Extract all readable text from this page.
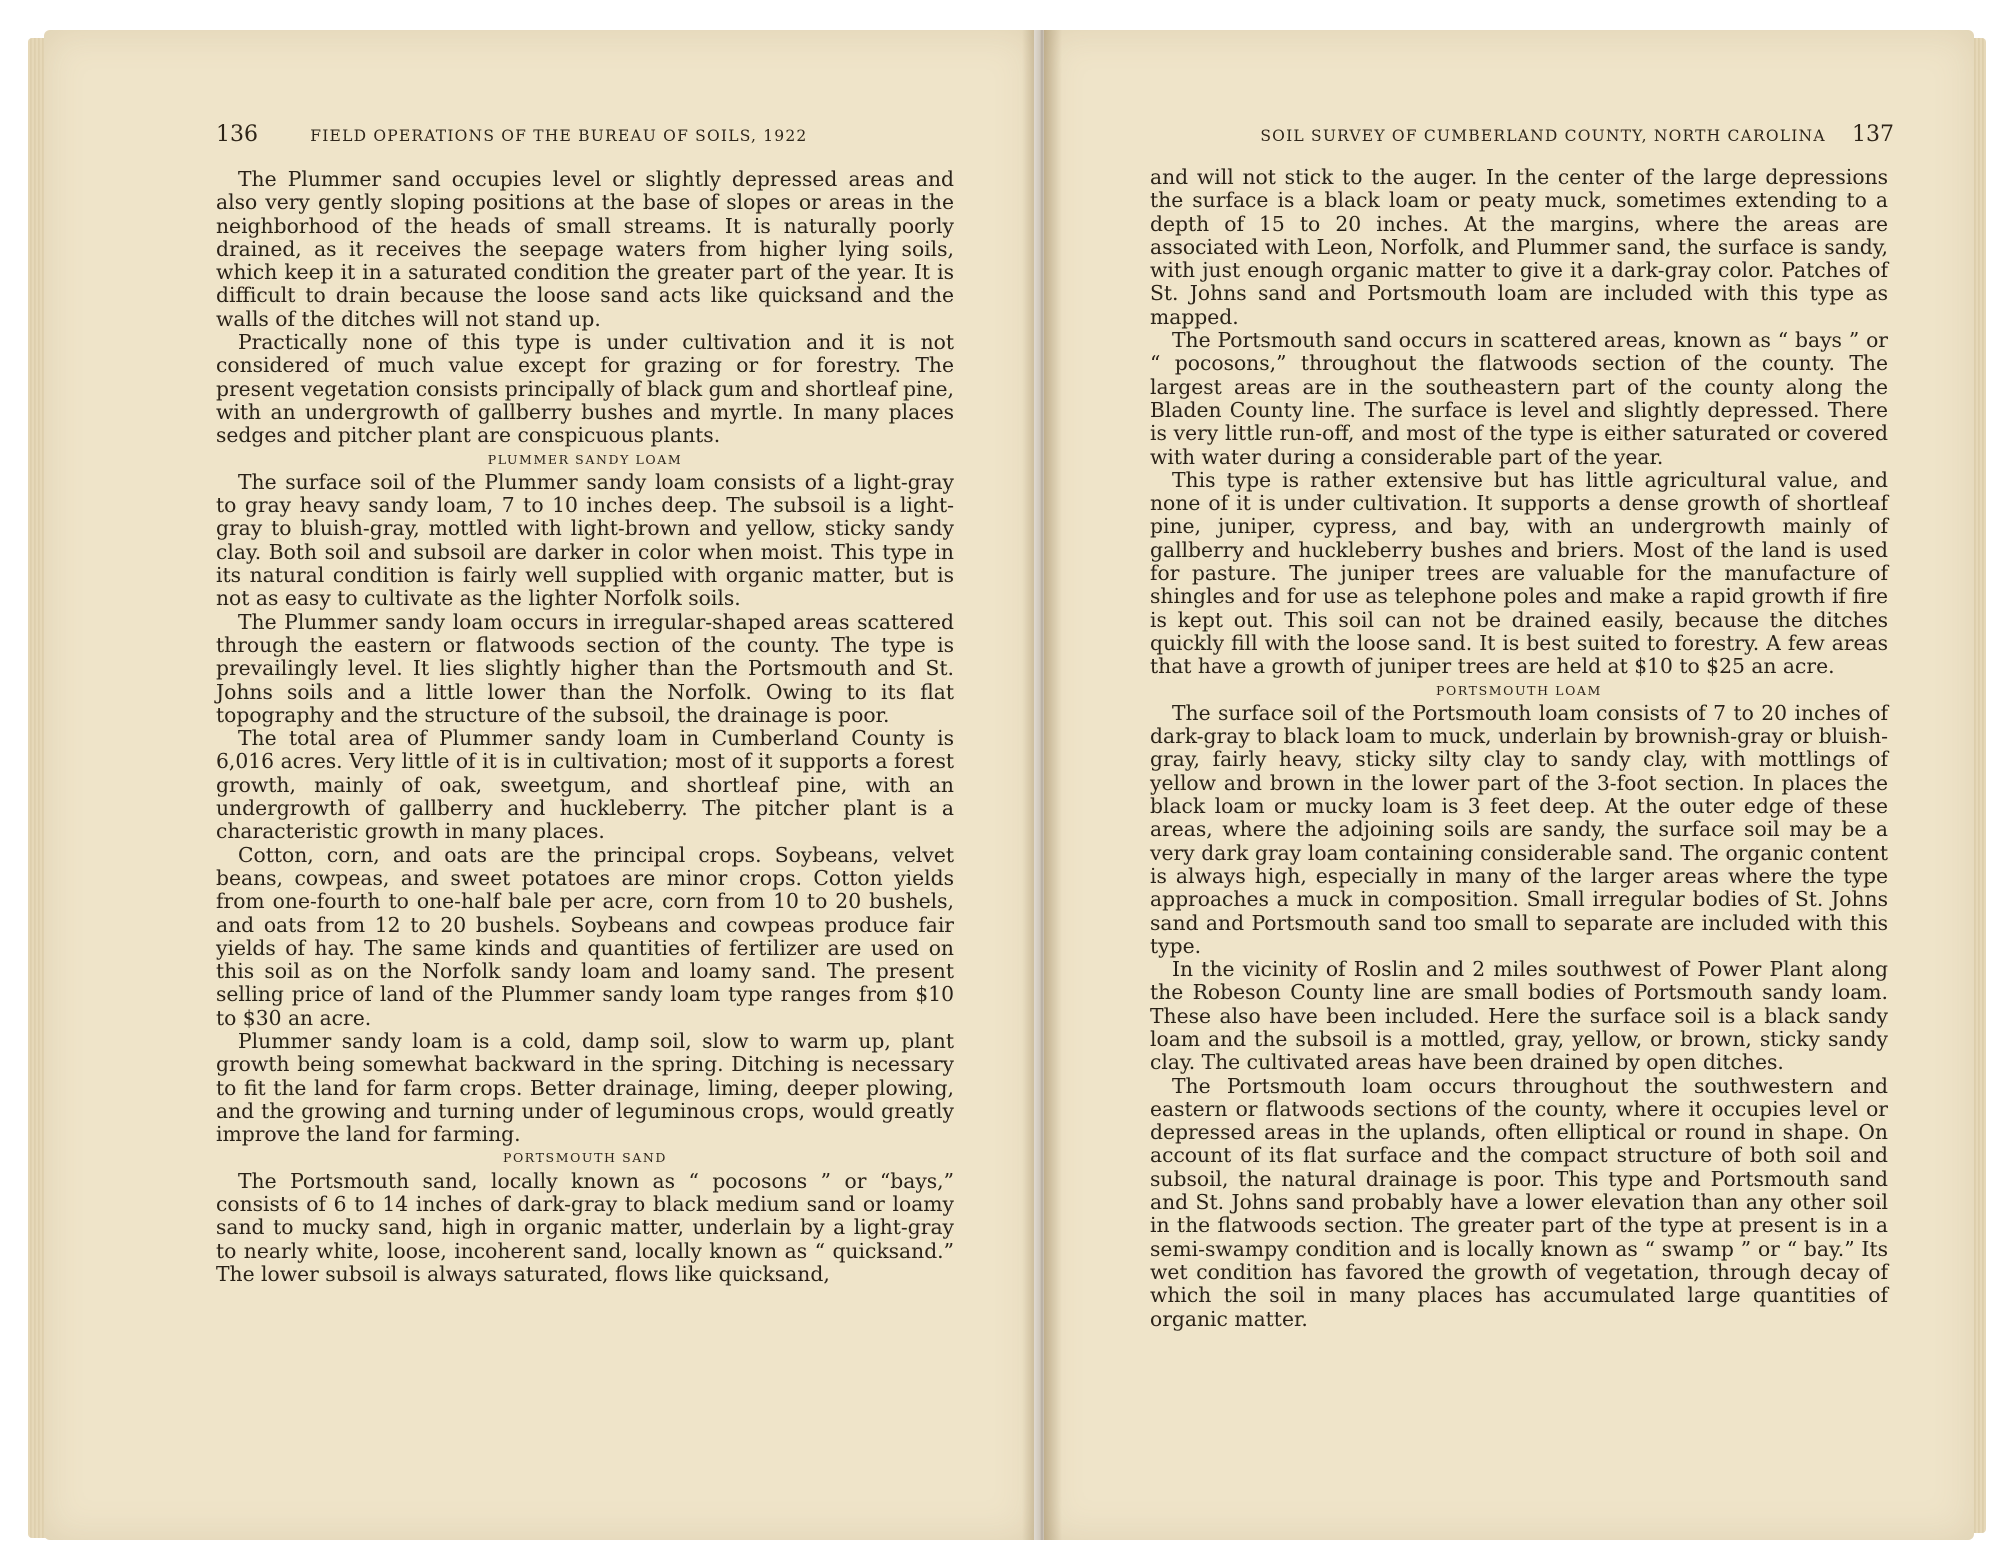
136	FIELD OPERATIONS OF THE BUREAU OF SOILS, 1922

The Plummer sand occupies level or slightly depressed areas and also very gently sloping positions at the base of slopes or areas in the neighborhood of the heads of small streams. It is naturally poorly drained, as it receives the seepage waters from higher lying soils, which keep it in a saturated condition the greater part of the year. It is difficult to drain because the loose sand acts like quicksand and the walls of the ditches will not stand up.

Practically none of this type is under cultivation and it is not considered of much value except for grazing or for forestry. The present vegetation consists principally of black gum and shortleaf pine, with an undergrowth of gallberry bushes and myrtle. In many places sedges and pitcher plant are conspicuous plants.

PLUMMER SANDY LOAM

The surface soil of the Plummer sandy loam consists of a light-gray to gray heavy sandy loam, 7 to 10 inches deep. The subsoil is a light-gray to bluish-gray, mottled with light-brown and yellow, sticky sandy clay. Both soil and subsoil are darker in color when moist. This type in its natural condition is fairly well supplied with organic matter, but is not as easy to cultivate as the lighter Norfolk soils.

The Plummer sandy loam occurs in irregular-shaped areas scattered through the eastern or flatwoods section of the county. The type is prevailingly level. It lies slightly higher than the Portsmouth and St. Johns soils and a little lower than the Norfolk. Owing to its flat topography and the structure of the subsoil, the drainage is poor.

The total area of Plummer sandy loam in Cumberland County is 6,016 acres. Very little of it is in cultivation; most of it supports a forest growth, mainly of oak, sweetgum, and shortleaf pine, with an undergrowth of gallberry and huckleberry. The pitcher plant is a characteristic growth in many places.

Cotton, corn, and oats are the principal crops. Soybeans, velvet beans, cowpeas, and sweet potatoes are minor crops. Cotton yields from one-fourth to one-half bale per acre, corn from 10 to 20 bushels, and oats from 12 to 20 bushels. Soybeans and cowpeas produce fair yields of hay. The same kinds and quantities of fertilizer are used on this soil as on the Norfolk sandy loam and loamy sand. The present selling price of land of the Plummer sandy loam type ranges from $10 to $30 an acre.

Plummer sandy loam is a cold, damp soil, slow to warm up, plant growth being somewhat backward in the spring. Ditching is necessary to fit the land for farm crops. Better drainage, liming, deeper plowing, and the growing and turning under of leguminous crops, would greatly improve the land for farming.

PORTSMOUTH SAND

The Portsmouth sand, locally known as “ pocosons ” or “bays,” consists of 6 to 14 inches of dark-gray to black medium sand or loamy sand to mucky sand, high in organic matter, underlain by a light-gray to nearly white, loose, incoherent sand, locally known as “ quicksand.” The lower subsoil is always saturated, flows like quicksand,

SOIL SURVEY OF CUMBERLAND COUNTY, NORTH CAROLINA 137

and will not stick to the auger. In the center of the large depressions the surface is a black loam or peaty muck, sometimes extending to a depth of 15 to 20 inches. At the margins, where the areas are associated with Leon, Norfolk, and Plummer sand, the surface is sandy, with just enough organic matter to give it a dark-gray color. Patches of St. Johns sand and Portsmouth loam are included with this type as mapped.

The Portsmouth sand occurs in scattered areas, known as “ bays ” or “ pocosons,” throughout the flatwoods section of the county. The largest areas are in the southeastern part of the county along the Bladen County line. The surface is level and slightly depressed. There is very little run-off, and most of the type is either saturated or covered with water during a considerable part of the year.

This type is rather extensive but has little agricultural value, and none of it is under cultivation. It supports a dense growth of shortleaf pine, juniper, cypress, and bay, with an undergrowth mainly of gallberry and huckleberry bushes and briers. Most of the land is used for pasture. The juniper trees are valuable for the manufacture of shingles and for use as telephone poles and make a rapid growth if fire is kept out. This soil can not be drained easily, because the ditches quickly fill with the loose sand. It is best suited to forestry. A few areas that have a growth of juniper trees are held at $10 to $25 an acre.

PORTSMOUTH LOAM

The surface soil of the Portsmouth loam consists of 7 to 20 inches of dark-gray to black loam to muck, underlain by brownish-gray or bluish-gray, fairly heavy, sticky silty clay to sandy clay, with mottlings of yellow and brown in the lower part of the 3-foot section. In places the black loam or mucky loam is 3 feet deep. At the outer edge of these areas, where the adjoining soils are sandy, the surface soil may be a very dark gray loam containing considerable sand. The organic content is always high, especially in many of the larger areas where the type approaches a muck in composition. Small irregular bodies of St. Johns sand and Portsmouth sand too small to separate are included with this type.

In the vicinity of Roslin and 2 miles southwest of Power Plant along the Robeson County line are small bodies of Portsmouth sandy loam. These also have been included. Here the surface soil is a black sandy loam and the subsoil is a mottled, gray, yellow, or brown, sticky sandy clay. The cultivated areas have been drained by open ditches.

The Portsmouth loam occurs throughout the southwestern and eastern or flatwoods sections of the county, where it occupies level or depressed areas in the uplands, often elliptical or round in shape. On account of its flat surface and the compact structure of both soil and subsoil, the natural drainage is poor. This type and Portsmouth sand and St. Johns sand probably have a lower elevation than any other soil in the flatwoods section. The greater part of the type at present is in a semi-swampy condition and is locally known as “ swamp ” or “ bay.” Its wet condition has favored the growth of vegetation, through decay of which the soil in many places has accumulated large quantities of organic matter.
